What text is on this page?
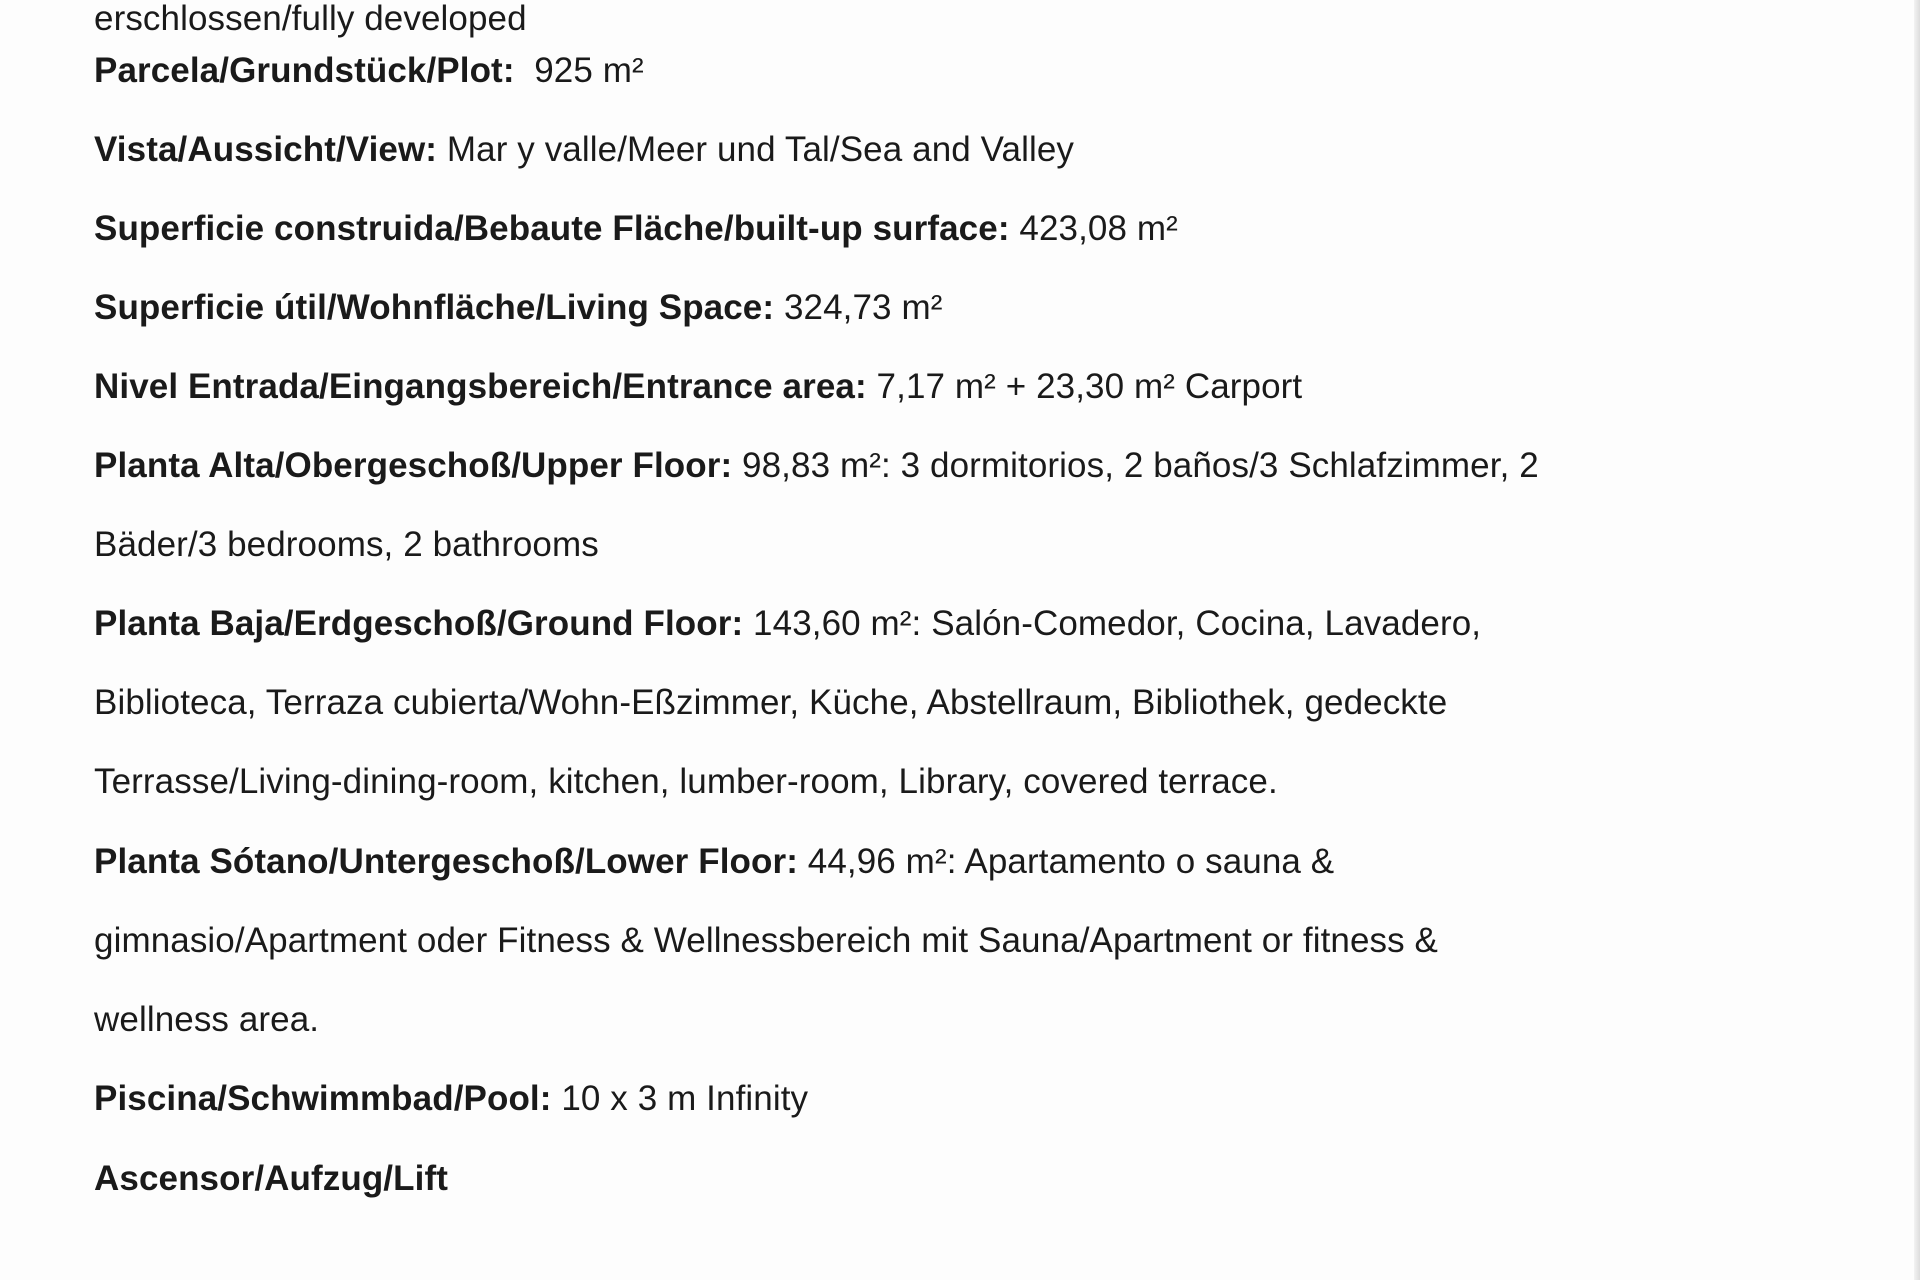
erschlossen/fully developed
Parcela/Grundstück/Plot:  925 m²
Vista/Aussicht/View: Mar y valle/Meer und Tal/Sea and Valley
Superficie construida/Bebaute Fläche/built-up surface: 423,08 m²
Superficie útil/Wohnfläche/Living Space: 324,73 m²
Nivel Entrada/Eingangsbereich/Entrance area: 7,17 m² + 23,30 m² Carport
Planta Alta/Obergeschoß/Upper Floor: 98,83 m²: 3 dormitorios, 2 baños/3 Schlafzimmer, 2
Bäder/3 bedrooms, 2 bathrooms
Planta Baja/Erdgeschoß/Ground Floor: 143,60 m²: Salón-Comedor, Cocina, Lavadero,
Biblioteca, Terraza cubierta/Wohn-Eßzimmer, Küche, Abstellraum, Bibliothek, gedeckte
Terrasse/Living-dining-room, kitchen, lumber-room, Library, covered terrace.
Planta Sótano/Untergeschoß/Lower Floor: 44,96 m²: Apartamento o sauna &
gimnasio/Apartment oder Fitness & Wellnessbereich mit Sauna/Apartment or fitness &
wellness area.
Piscina/Schwimmbad/Pool: 10 x 3 m Infinity
Ascensor/Aufzug/Lift
